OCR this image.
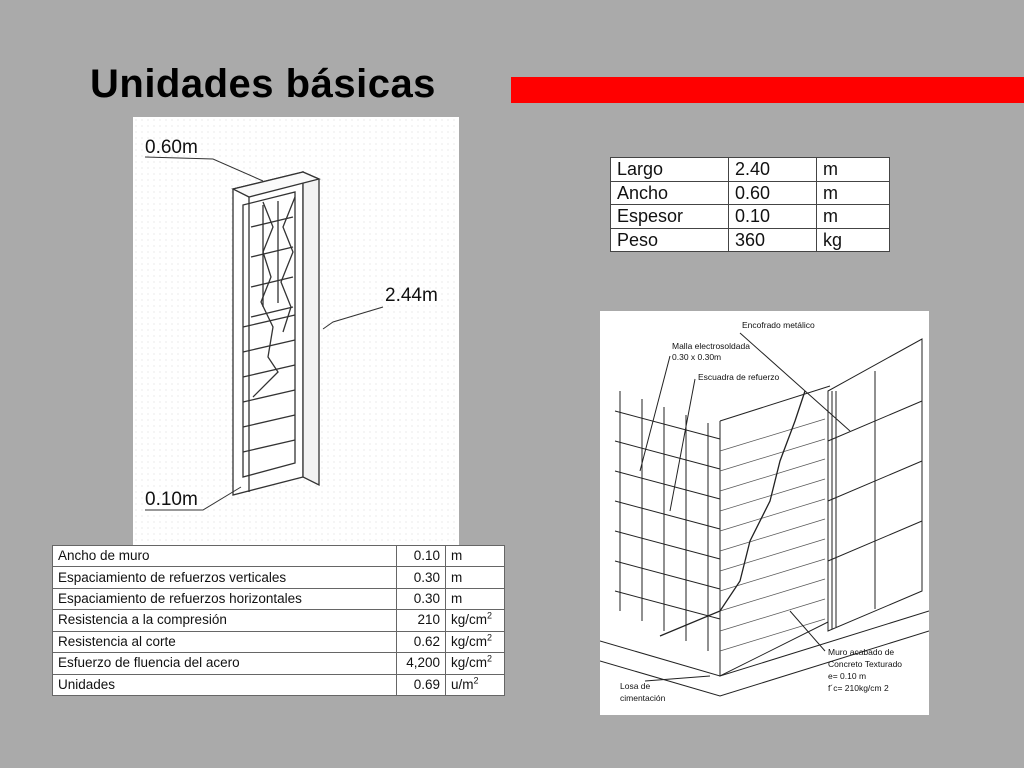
Unidades básicas
0.60m
2.44m
0.10m
Largo	2.40	m
Ancho	0.60	m
Espesor	0.10	m
Peso	360	kg
Ancho de muro	0.10	m
Espaciamiento de refuerzos verticales	0.30	m
Espaciamiento de refuerzos horizontales	0.30	m
Resistencia a la compresión	210	$kg/cm^2$
Resistencia al corte	0.62	$kg/cm^2$
Esfuerzo de fluencia del acero	4,200	$kg/cm^2$
Unidades	0.69	$u/m^2$
Encofrado metálico
Malla electrosoldada
0.30 x 0.30m
Escuadra de refuerzo
Losa de
cimentación
Muro acabado de
Concreto Texturado
e= 0.10 m
f´c= 210kg/cm 2
